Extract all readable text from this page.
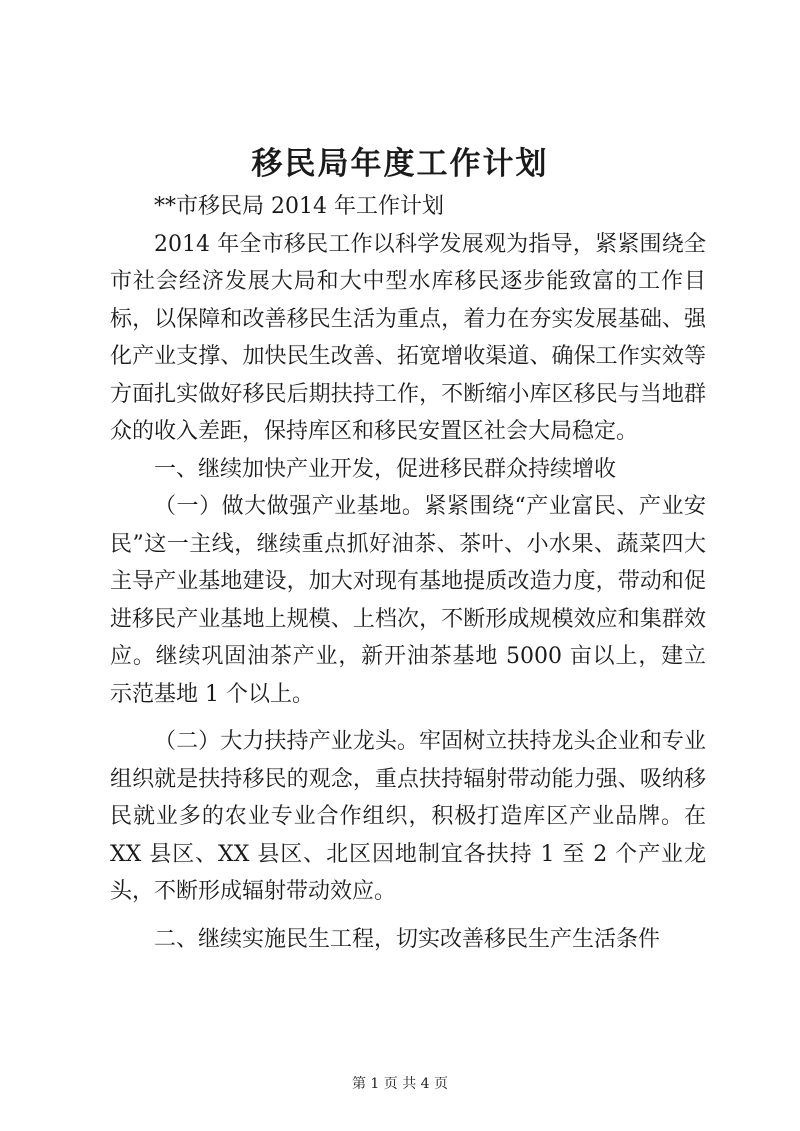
移民局年度工作计划

**市移民局 2014 年工作计划

2014 年全市移民工作以科学发展观为指导，紧紧围绕全市社会经济发展大局和大中型水库移民逐步能致富的工作目标，以保障和改善移民生活为重点，着力在夯实发展基础、强化产业支撑、加快民生改善、拓宽增收渠道、确保工作实效等方面扎实做好移民后期扶持工作，不断缩小库区移民与当地群众的收入差距，保持库区和移民安置区社会大局稳定。

一、继续加快产业开发，促进移民群众持续增收

（一）做大做强产业基地。紧紧围绕“产业富民、产业安民”这一主线，继续重点抓好油茶、茶叶、小水果、蔬菜四大主导产业基地建设，加大对现有基地提质改造力度，带动和促进移民产业基地上规模、上档次，不断形成规模效应和集群效应。继续巩固油茶产业，新开油茶基地 5000 亩以上，建立示范基地 1 个以上。

（二）大力扶持产业龙头。牢固树立扶持龙头企业和专业组织就是扶持移民的观念，重点扶持辐射带动能力强、吸纳移民就业多的农业专业合作组织，积极打造库区产业品牌。在 XX 县区、XX 县区、北区因地制宜各扶持 1 至 2 个产业龙头，不断形成辐射带动效应。

二、继续实施民生工程，切实改善移民生产生活条件

第 1 页 共 4 页
